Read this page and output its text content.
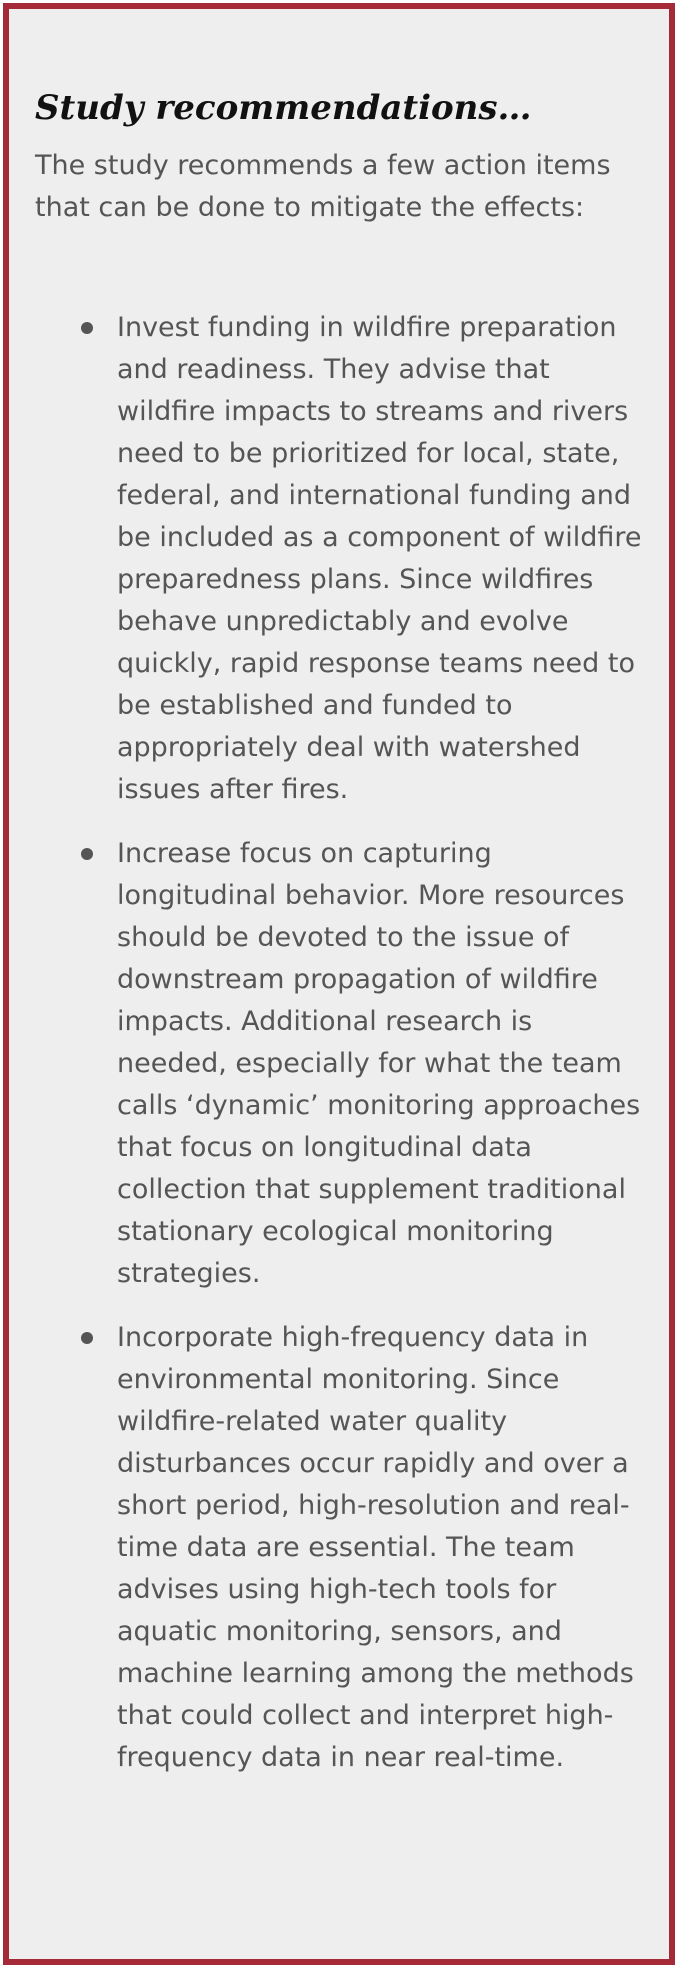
Study recommendations…

The study recommends a few action items that can be done to mitigate the effects:

Invest funding in wildfire preparation and readiness. They advise that wildfire impacts to streams and rivers need to be prioritized for local, state, federal, and international funding and be included as a component of wildfire preparedness plans. Since wildfires behave unpredictably and evolve quickly, rapid response teams need to be established and funded to appropriately deal with watershed issues after fires.
Increase focus on capturing longitudinal behavior. More resources should be devoted to the issue of downstream propagation of wildfire impacts. Additional research is needed, especially for what the team calls ‘dynamic’ monitoring approaches that focus on longitudinal data collection that supplement traditional stationary ecological monitoring strategies.
Incorporate high-frequency data in environmental monitoring. Since wildfire-related water quality disturbances occur rapidly and over a short period, high-resolution and real-time data are essential. The team advises using high-tech tools for aquatic monitoring, sensors, and machine learning among the methods that could collect and interpret high-frequency data in near real-time.
